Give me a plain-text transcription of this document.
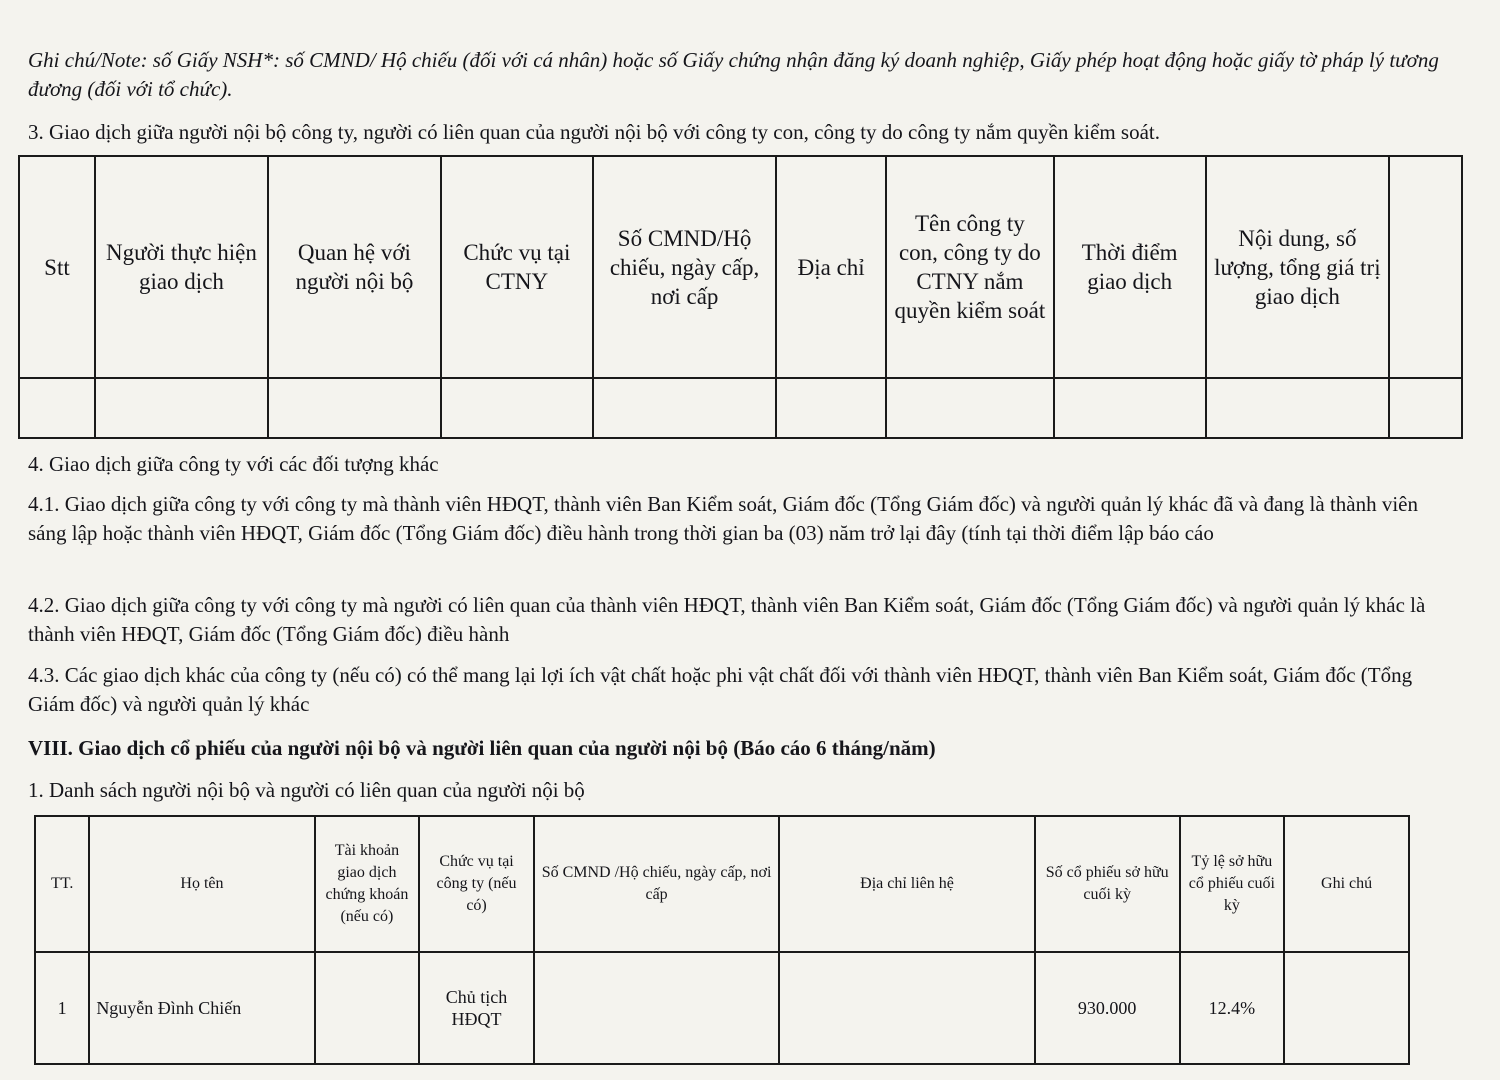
Ghi chú/Note: số Giấy NSH*: số CMND/ Hộ chiếu (đối với cá nhân) hoặc số Giấy chứng nhận đăng ký doanh nghiệp, Giấy phép hoạt động hoặc giấy tờ pháp lý tương đương (đối với tổ chức).

3. Giao dịch giữa người nội bộ công ty, người có liên quan của người nội bộ với công ty con, công ty do công ty nắm quyền kiểm soát.

Stt	Người thực hiện giao dịch	Quan hệ với người nội bộ	Chức vụ tại CTNY	Số CMND/Hộ chiếu, ngày cấp, nơi cấp	Địa chỉ	Tên công ty con, công ty do CTNY nắm quyền kiểm soát	Thời điểm giao dịch	Nội dung, số lượng, tổng giá trị giao dịch	

4. Giao dịch giữa công ty với các đối tượng khác

4.1. Giao dịch giữa công ty với công ty mà thành viên HĐQT, thành viên Ban Kiểm soát, Giám đốc (Tổng Giám đốc) và người quản lý khác đã và đang là thành viên sáng lập hoặc thành viên HĐQT, Giám đốc (Tổng Giám đốc) điều hành trong thời gian ba (03) năm trở lại đây (tính tại thời điểm lập báo cáo

4.2. Giao dịch giữa công ty với công ty mà người có liên quan của thành viên HĐQT, thành viên Ban Kiểm soát, Giám đốc (Tổng Giám đốc) và người quản lý khác là thành viên HĐQT, Giám đốc (Tổng Giám đốc) điều hành

4.3. Các giao dịch khác của công ty (nếu có) có thể mang lại lợi ích vật chất hoặc phi vật chất đối với thành viên HĐQT, thành viên Ban Kiểm soát, Giám đốc (Tổng Giám đốc) và người quản lý khác

VIII. Giao dịch cổ phiếu của người nội bộ và người liên quan của người nội bộ (Báo cáo 6 tháng/năm)

1. Danh sách người nội bộ và người có liên quan của người nội bộ

TT.	Họ tên	Tài khoản giao dịch chứng khoán (nếu có)	Chức vụ tại công ty (nếu có)	Số CMND /Hộ chiếu, ngày cấp, nơi cấp	Địa chỉ liên hệ	Số cổ phiếu sở hữu cuối kỳ	Tỷ lệ sở hữu cổ phiếu cuối kỳ	Ghi chú
1	Nguyễn Đình Chiến		Chủ tịch HĐQT			930.000	12.4%	
